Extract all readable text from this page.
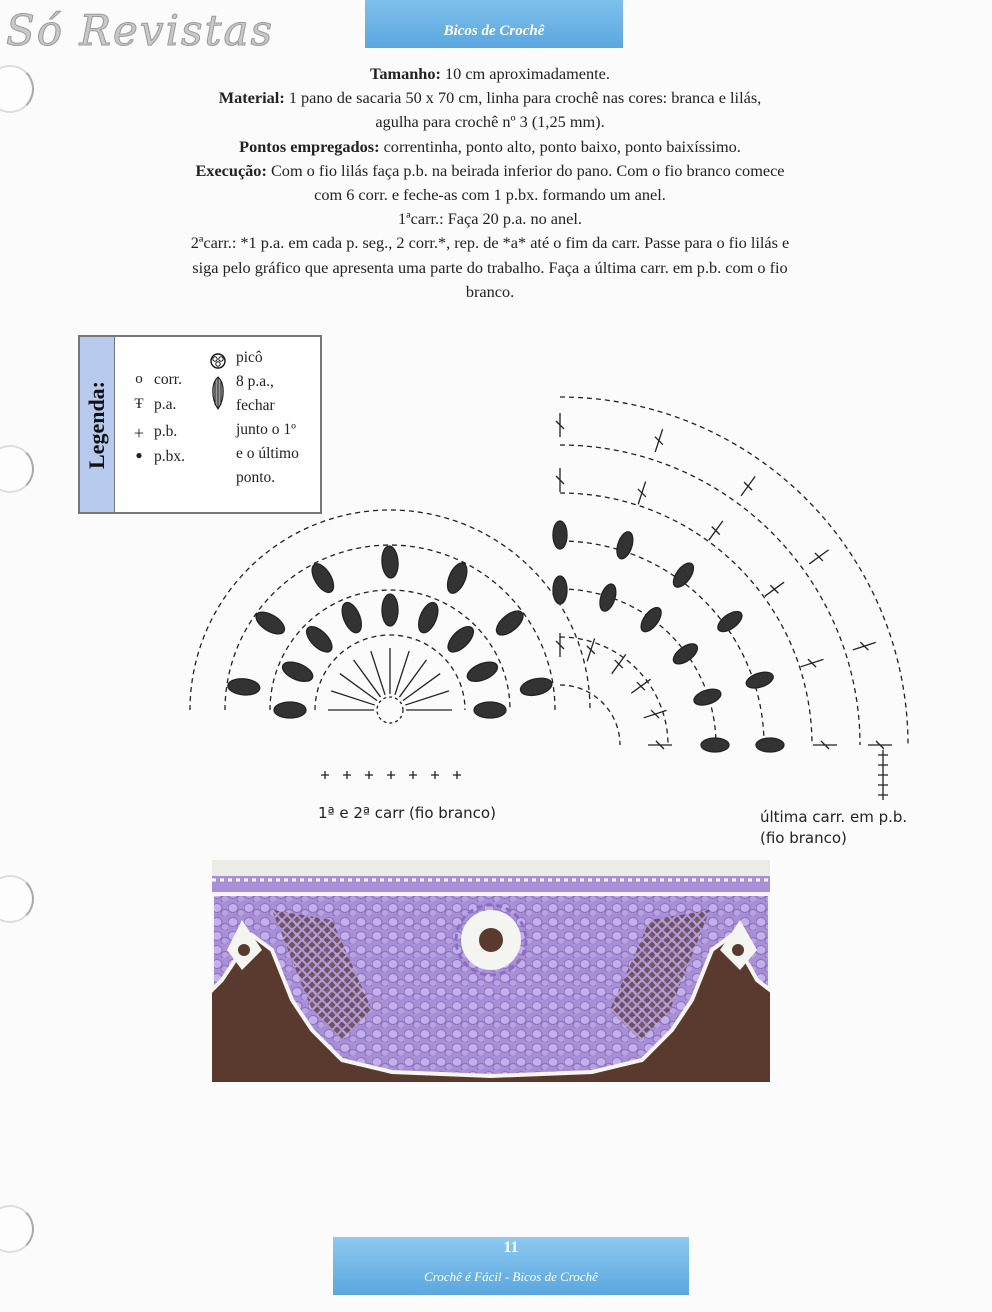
Só Revistas	Bicos de Crochê
Tamanho: 10 cm aproximadamente.
Material: 1 pano de sacaria 50 x 70 cm, linha para crochê nas cores: branca e lilás,
agulha para crochê nº 3 (1,25 mm).
Pontos empregados: correntinha, ponto alto, ponto baixo, ponto baixíssimo.
Execução: Com o fio lilás faça p.b. na beirada inferior do pano. Com o fio branco comece
com 6 corr. e feche-as com 1 p.bx. formando um anel.
1ªcarr.: Faça 20 p.a. no anel.
2ªcarr.: *1 p.a. em cada p. seg., 2 corr.*, rep. de *a* até o fim da carr. Passe para o fio lilás e
siga pelo gráfico que apresenta uma parte do trabalho. Faça a última carr. em p.b. com o fio
branco.
Legenda:
o corr.
Ŧ p.a.
+ p.b.
● p.bx.
picô
8 p.a.,
fechar
junto o 1º
e o último
ponto.
1ª e 2ª carr (fio branco)	última carr. em p.b.
(fio branco)
11
Crochê é Fácil - Bicos de Crochê
